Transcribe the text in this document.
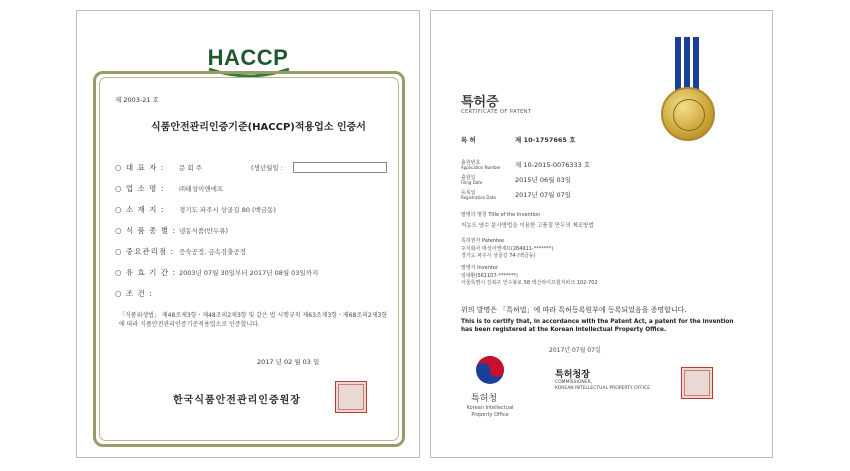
HACCP
제 2003-21 호
식품안전관리인증기준(HACCP)적용업소 인증서
○ 대 표 자 : 문 회 주	(생년월일 :
○ 업 소 명 : ㈜태성이앤에프
○ 소 재 지 : 경기도 파주시 상골길 80 (백금동)
○ 식 품 종 별 : 냉동식품(만두류)
○ 중요관리점 : 증숙공정, 금속검출공정
○ 유 효 기 간 : 2003년 07월 30일부터 2017년 08월 03일까지
○ 조 건 :
「식품위생법」 제48조제3항ㆍ제48조의2제3항 및 같은 법 시행규칙 제63조제3항ㆍ제68조의2제3항에 따라 식품안전관리인증기준적용업소로 인증합니다.
2017 년 02 월 03 일
한국식품안전관리인증원장
특허증
CERTIFICATE OF PATENT
특 허	제 10-1757665 호
출원번호
Application Number 제 10-2015-0076333 호
출원일
Filing Date	2015년 06월 03일
등록일
Registration Date	2017년 07월 07일
발명의 명칭 Title of the Invention
저농도 염수 분사방법을 이용한 고품질 만두의 제조방법
특허권자 Patentee
주식회사 태성이앤에프(284911-*******)
경기도 파주시 상골길 74 (백금동)
발명자 Inventor
임대환(561107-*******)
서울특별시 강북구 인수봉로 58 벽산라이프힐지파크 102-702
위의 발명은 「특허법」에 따라 특허등록원부에 등록되었음을 증명합니다.
This is to certify that, in accordance with the Patent Act, a patent for the invention
has been registered at the Korean Intellectual Property Office.
2017년 07월 07일
특허청
Korean Intellectual
Property Office
특허청장
COMMISSIONER,
KOREAN INTELLECTUAL PROPERTY OFFICE
